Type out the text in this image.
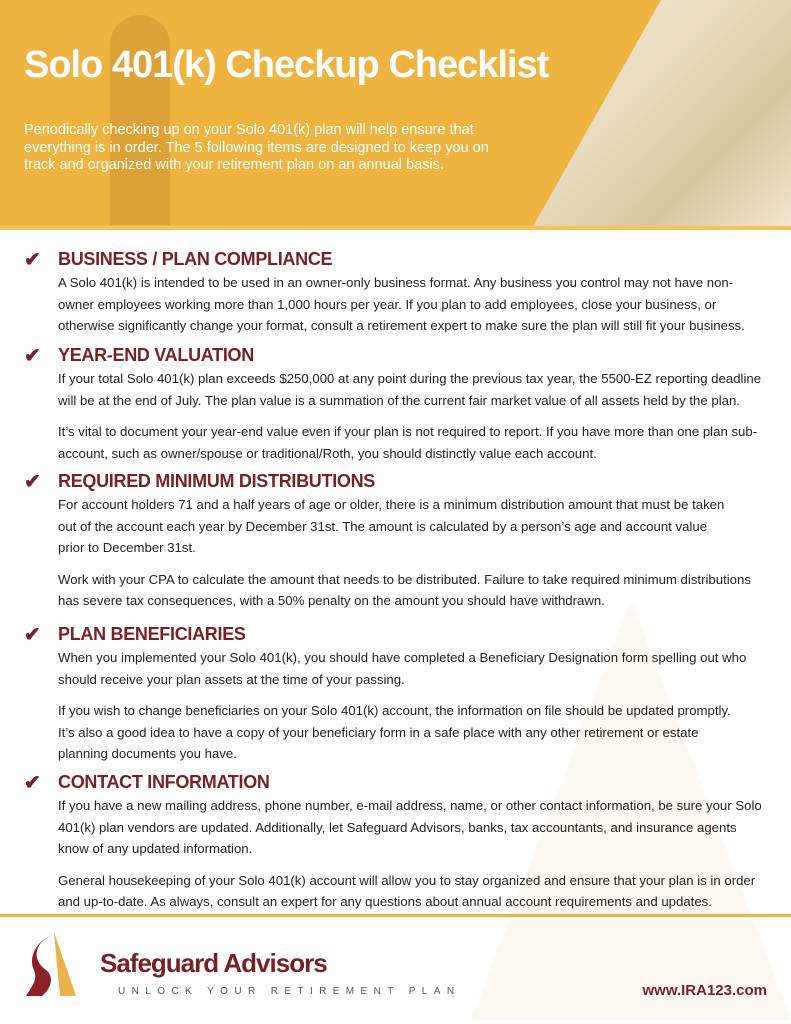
Solo 401(k) Checkup Checklist
Periodically checking up on your Solo 401(k) plan will help ensure that everything is in order. The 5 following items are designed to keep you on track and organized with your retirement plan on an annual basis.
✔ BUSINESS / PLAN COMPLIANCE

A Solo 401(k) is intended to be used in an owner-only business format. Any business you control may not have non-owner employees working more than 1,000 hours per year. If you plan to add employees, close your business, or otherwise significantly change your format, consult a retirement expert to make sure the plan will still fit your business.

✔ YEAR-END VALUATION

If your total Solo 401(k) plan exceeds $250,000 at any point during the previous tax year, the 5500-EZ reporting deadline will be at the end of July. The plan value is a summation of the current fair market value of all assets held by the plan.

It’s vital to document your year-end value even if your plan is not required to report. If you have more than one plan sub-account, such as owner/spouse or traditional/Roth, you should distinctly value each account.

✔ REQUIRED MINIMUM DISTRIBUTIONS

For account holders 71 and a half years of age or older, there is a minimum distribution amount that must be taken out of the account each year by December 31st. The amount is calculated by a person’s age and account value prior to December 31st.

Work with your CPA to calculate the amount that needs to be distributed. Failure to take required minimum distributions has severe tax consequences, with a 50% penalty on the amount you should have withdrawn.

✔ PLAN BENEFICIARIES

When you implemented your Solo 401(k), you should have completed a Beneficiary Designation form spelling out who should receive your plan assets at the time of your passing.

If you wish to change beneficiaries on your Solo 401(k) account, the information on file should be updated promptly. It’s also a good idea to have a copy of your beneficiary form in a safe place with any other retirement or estate planning documents you have.

✔ CONTACT INFORMATION

If you have a new mailing address, phone number, e-mail address, name, or other contact information, be sure your Solo 401(k) plan vendors are updated. Additionally, let Safeguard Advisors, banks, tax accountants, and insurance agents know of any updated information.

General housekeeping of your Solo 401(k) account will allow you to stay organized and ensure that your plan is in order and up-to-date. As always, consult an expert for any questions about annual account requirements and updates.

Safeguard Advisors
UNLOCK YOUR RETIREMENT PLAN	www.IRA123.com
